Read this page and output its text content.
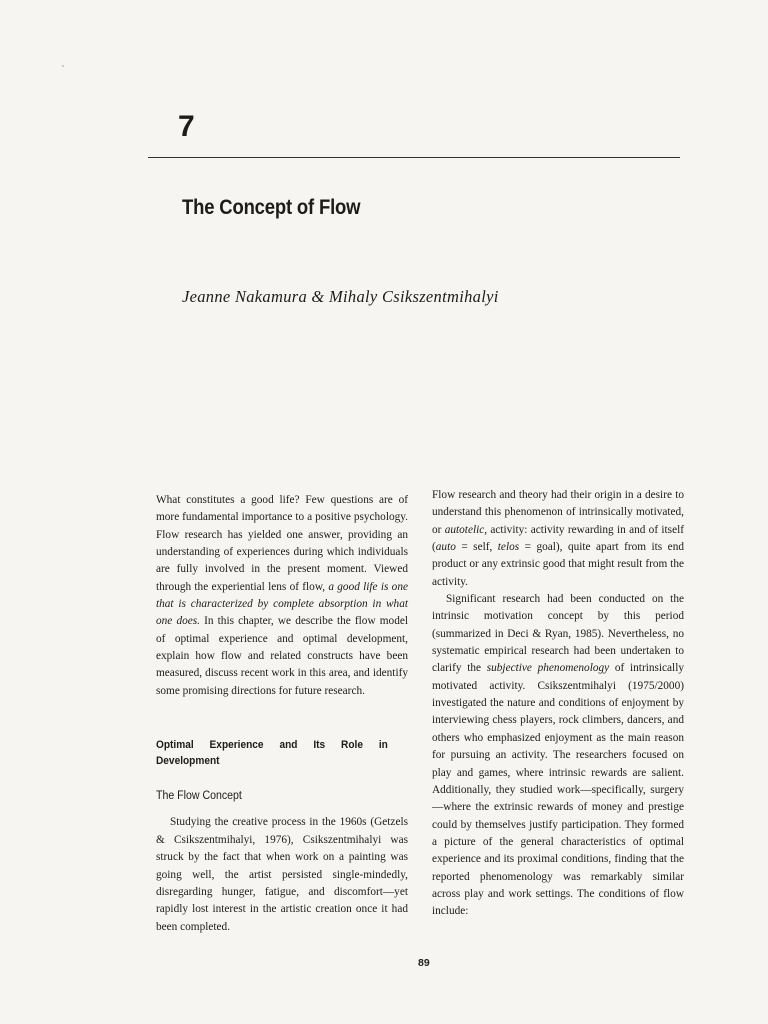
7
The Concept of Flow
Jeanne Nakamura & Mihaly Csikszentmihalyi

What constitutes a good life? Few questions are of more fundamental importance to a positive psychology. Flow research has yielded one answer, providing an understanding of experiences during which individuals are fully involved in the present moment. Viewed through the experiential lens of flow, a good life is one that is characterized by complete absorption in what one does. In this chapter, we describe the flow model of optimal experience and optimal development, explain how flow and related constructs have been measured, discuss recent work in this area, and identify some promising directions for future research.

Optimal Experience and Its Role in Development
The Flow Concept

Studying the creative process in the 1960s (Getzels & Csikszentmihalyi, 1976), Csikszentmihalyi was struck by the fact that when work on a painting was going well, the artist persisted single-mindedly, disregarding hunger, fatigue, and discomfort—yet rapidly lost interest in the artistic creation once it had been completed.

Flow research and theory had their origin in a desire to understand this phenomenon of intrinsically motivated, or autotelic, activity: activity rewarding in and of itself (auto = self, telos = goal), quite apart from its end product or any extrinsic good that might result from the activity.

Significant research had been conducted on the intrinsic motivation concept by this period (summarized in Deci & Ryan, 1985). Nevertheless, no systematic empirical research had been undertaken to clarify the subjective phenomenology of intrinsically motivated activity. Csikszentmihalyi (1975/2000) investigated the nature and conditions of enjoyment by interviewing chess players, rock climbers, dancers, and others who emphasized enjoyment as the main reason for pursuing an activity. The researchers focused on play and games, where intrinsic rewards are salient. Additionally, they studied work—specifically, surgery—where the extrinsic rewards of money and prestige could by themselves justify participation. They formed a picture of the general characteristics of optimal experience and its proximal conditions, finding that the reported phenomenology was remarkably similar across play and work settings. The conditions of flow include:

89
